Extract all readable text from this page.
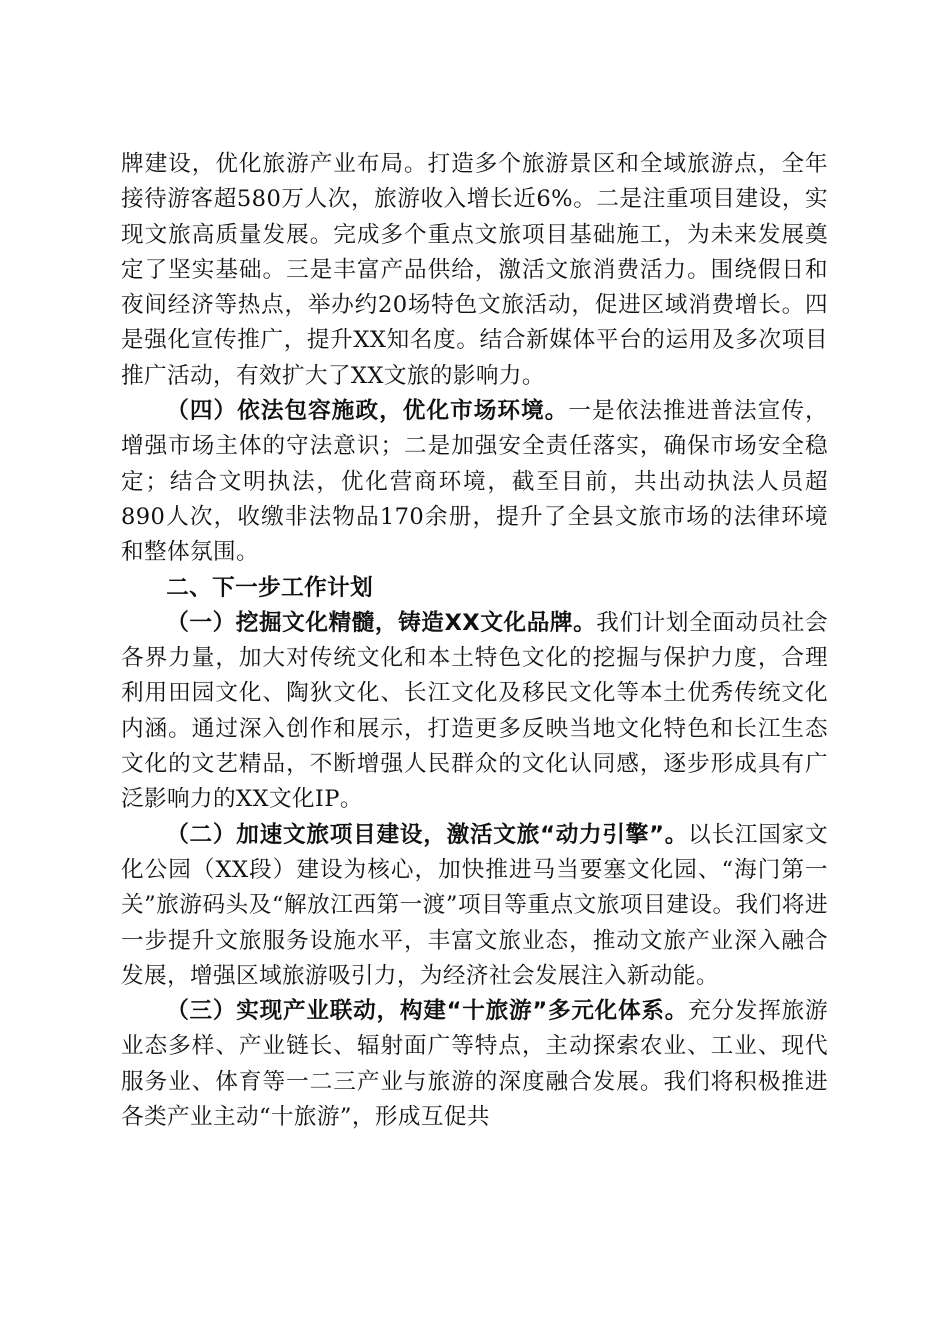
牌建设，优化旅游产业布局。打造多个旅游景区和全域旅游点，全年接待游客超580万人次，旅游收入增长近6%。二是注重项目建设，实现文旅高质量发展。完成多个重点文旅项目基础施工，为未来发展奠定了坚实基础。三是丰富产品供给，激活文旅消费活力。围绕假日和夜间经济等热点，举办约20场特色文旅活动，促进区域消费增长。四是强化宣传推广，提升XX知名度。结合新媒体平台的运用及多次项目推广活动，有效扩大了XX文旅的影响力。

（四）依法包容施政，优化市场环境。一是依法推进普法宣传，增强市场主体的守法意识；二是加强安全责任落实，确保市场安全稳定；结合文明执法，优化营商环境，截至目前，共出动执法人员超890人次，收缴非法物品170余册，提升了全县文旅市场的法律环境和整体氛围。

二、下一步工作计划

（一）挖掘文化精髓，铸造XX文化品牌。我们计划全面动员社会各界力量，加大对传统文化和本土特色文化的挖掘与保护力度，合理利用田园文化、陶狄文化、长江文化及移民文化等本土优秀传统文化内涵。通过深入创作和展示，打造更多反映当地文化特色和长江生态文化的文艺精品，不断增强人民群众的文化认同感，逐步形成具有广泛影响力的XX文化IP。

（二）加速文旅项目建设，激活文旅“动力引擎”。以长江国家文化公园（XX段）建设为核心，加快推进马当要塞文化园、“海门第一关”旅游码头及“解放江西第一渡”项目等重点文旅项目建设。我们将进一步提升文旅服务设施水平，丰富文旅业态，推动文旅产业深入融合发展，增强区域旅游吸引力，为经济社会发展注入新动能。

（三）实现产业联动，构建“十旅游”多元化体系。充分发挥旅游业态多样、产业链长、辐射面广等特点，主动探索农业、工业、现代服务业、体育等一二三产业与旅游的深度融合发展。我们将积极推进各类产业主动“十旅游”，形成互促共
